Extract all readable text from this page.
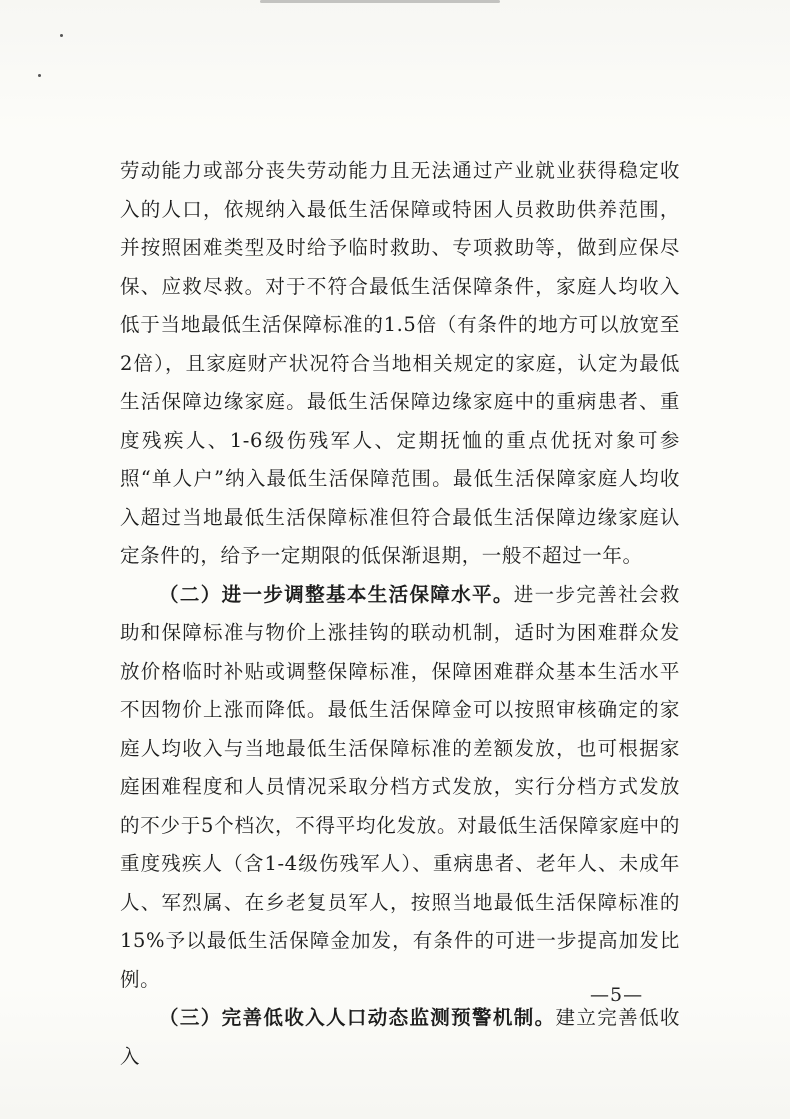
劳动能力或部分丧失劳动能力且无法通过产业就业获得稳定收入的人口，依规纳入最低生活保障或特困人员救助供养范围，并按照困难类型及时给予临时救助、专项救助等，做到应保尽保、应救尽救。对于不符合最低生活保障条件，家庭人均收入低于当地最低生活保障标准的1.5倍（有条件的地方可以放宽至2倍），且家庭财产状况符合当地相关规定的家庭，认定为最低生活保障边缘家庭。最低生活保障边缘家庭中的重病患者、重度残疾人、1-6级伤残军人、定期抚恤的重点优抚对象可参照“单人户”纳入最低生活保障范围。最低生活保障家庭人均收入超过当地最低生活保障标准但符合最低生活保障边缘家庭认定条件的，给予一定期限的低保渐退期，一般不超过一年。

（二）进一步调整基本生活保障水平。进一步完善社会救助和保障标准与物价上涨挂钩的联动机制，适时为困难群众发放价格临时补贴或调整保障标准，保障困难群众基本生活水平不因物价上涨而降低。最低生活保障金可以按照审核确定的家庭人均收入与当地最低生活保障标准的差额发放，也可根据家庭困难程度和人员情况采取分档方式发放，实行分档方式发放的不少于5个档次，不得平均化发放。对最低生活保障家庭中的重度残疾人（含1-4级伤残军人）、重病患者、老年人、未成年人、军烈属、在乡老复员军人，按照当地最低生活保障标准的15%予以最低生活保障金加发，有条件的可进一步提高加发比例。

（三）完善低收入人口动态监测预警机制。建立完善低收入

—5—
